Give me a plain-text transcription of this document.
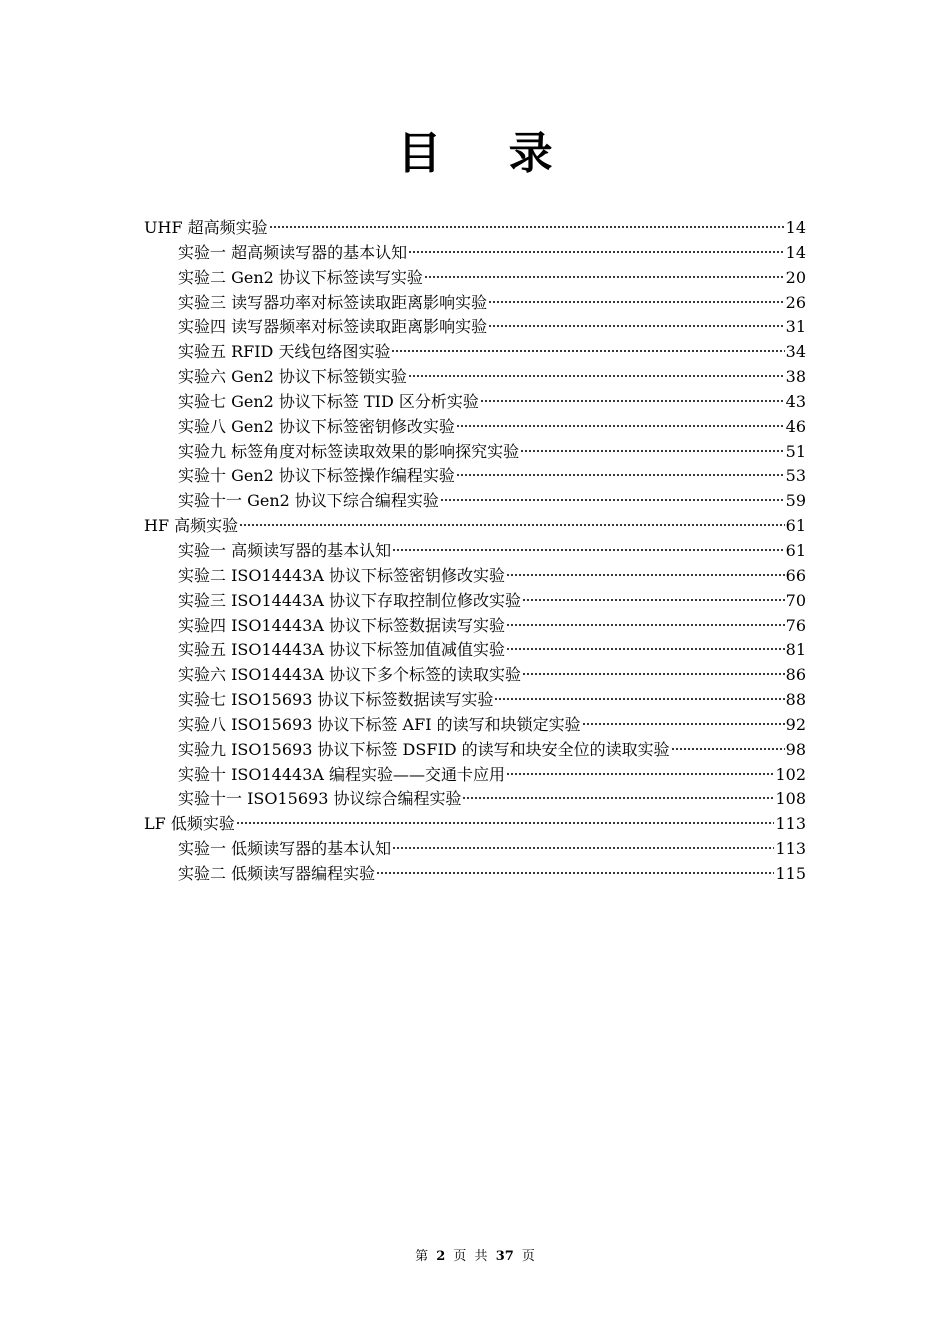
目 录
UHF 超高频实验	14
实验一 超高频读写器的基本认知	14
实验二 Gen2 协议下标签读写实验	20
实验三 读写器功率对标签读取距离影响实验	26
实验四 读写器频率对标签读取距离影响实验	31
实验五 RFID 天线包络图实验	34
实验六 Gen2 协议下标签锁实验	38
实验七 Gen2 协议下标签 TID 区分析实验	43
实验八 Gen2 协议下标签密钥修改实验	46
实验九 标签角度对标签读取效果的影响探究实验	51
实验十 Gen2 协议下标签操作编程实验	53
实验十一 Gen2 协议下综合编程实验	59
HF 高频实验	61
实验一 高频读写器的基本认知	61
实验二 ISO14443A 协议下标签密钥修改实验	66
实验三 ISO14443A 协议下存取控制位修改实验	70
实验四 ISO14443A 协议下标签数据读写实验	76
实验五 ISO14443A 协议下标签加值减值实验	81
实验六 ISO14443A 协议下多个标签的读取实验	86
实验七 ISO15693 协议下标签数据读写实验	88
实验八 ISO15693 协议下标签 AFI 的读写和块锁定实验	92
实验九 ISO15693 协议下标签 DSFID 的读写和块安全位的读取实验	98
实验十 ISO14443A 编程实验——交通卡应用	102
实验十一 ISO15693 协议综合编程实验	108
LF 低频实验	113
实验一 低频读写器的基本认知	113
实验二 低频读写器编程实验	115
第 2 页 共 37 页
